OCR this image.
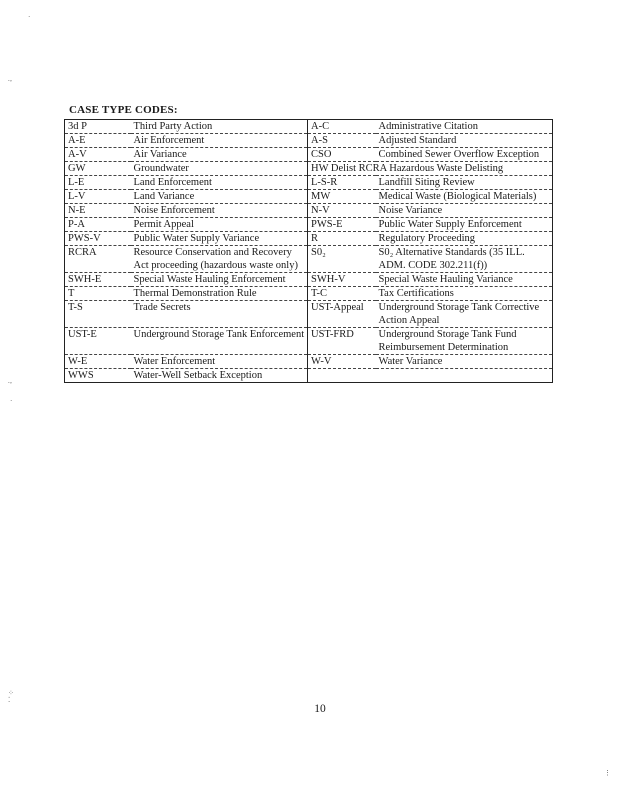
·
.‚
.‚
·
⁘
⁚
⋮
CASE TYPE CODES:
3d P	Third Party Action	A-C	Administrative Citation
A-E	Air Enforcement	A-S	Adjusted Standard
A-V	Air Variance	CSO	Combined Sewer Overflow Exception
GW	Groundwater	HW Delist RCRA Hazardous Waste Delisting	
L-E	Land Enforcement	L-S-R	Landfill Siting Review
L-V	Land Variance	MW	Medical Waste (Biological Materials)
N-E	Noise Enforcement	N-V	Noise Variance
P-A	Permit Appeal	PWS-E	Public Water Supply Enforcement
PWS-V	Public Water Supply Variance	R	Regulatory Proceeding
RCRA	Resource Conservation and Recovery Act proceeding (hazardous waste only)	S0₂	S0₂ Alternative Standards (35 ILL. ADM. CODE 302.211(f))
SWH-E	Special Waste Hauling Enforcement	SWH-V	Special Waste Hauling Variance
T	Thermal Demonstration Rule	T-C	Tax Certifications
T-S	Trade Secrets	UST-Appeal	Underground Storage Tank Corrective Action Appeal
UST-E	Underground Storage Tank Enforcement	UST-FRD	Underground Storage Tank Fund Reimbursement Determination
W-E	Water Enforcement	W-V	Water Variance
WWS	Water-Well Setback Exception		
10
